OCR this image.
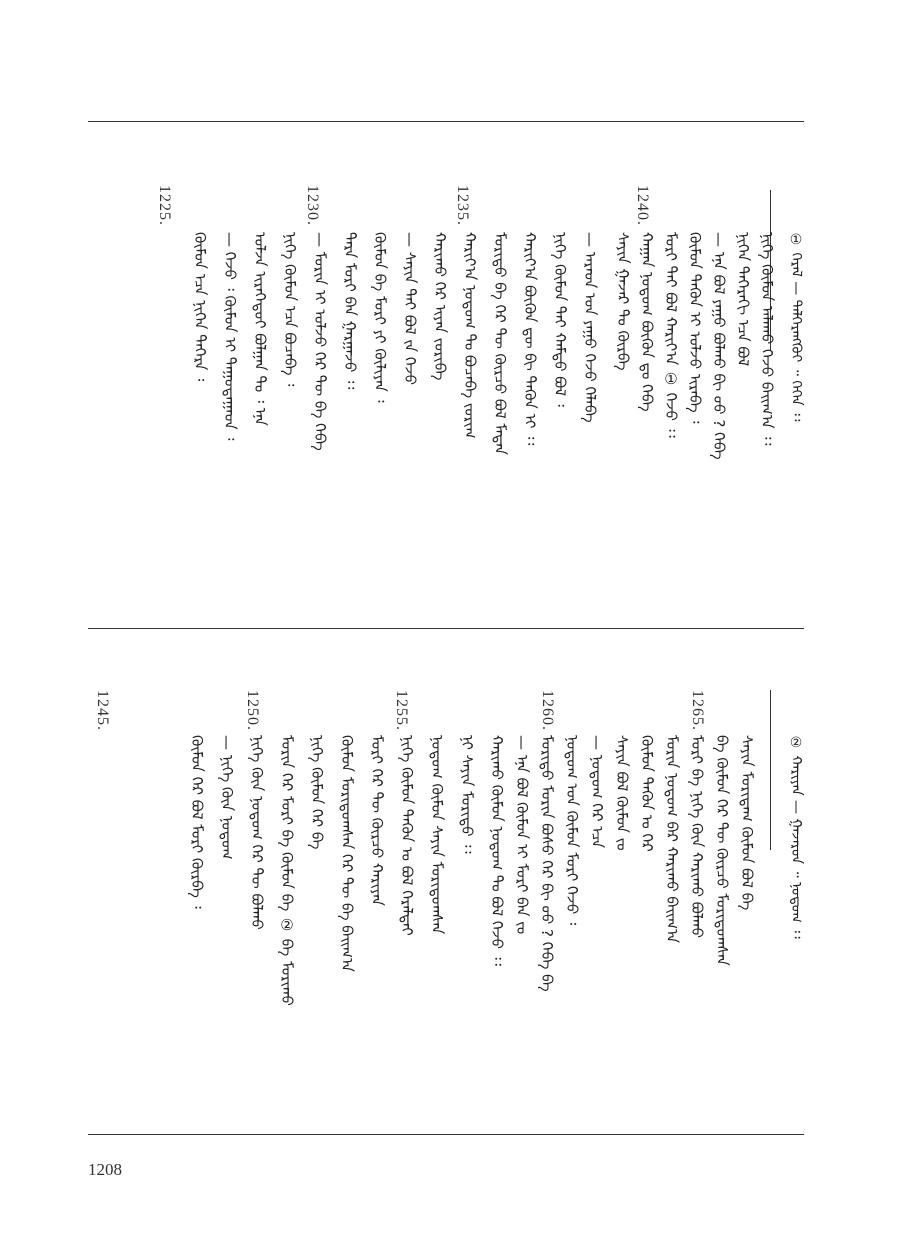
① ᠭᠡᠷᠡᠯ — ᠳᠡᠯᠭᠡᠷᠡᠩᠭᠦᠢ ᠃ ᠭᠡᠭᠡᠨ ᠄᠄
ᠨᠢᠭᠡ ᠬᠦᠮᠦᠨ ᠠᠯᠠᠬᠤ ᠭᠡᠵᠦ ᠪᠠᠢᠭ᠎ᠠ ᠄᠄
ᠨᠢᠭᠡᠨ ᠳᠡᠭᠡᠷᠡᠬᠢ ᠡᠴᠡ ᠪᠣᠯ
— ᠡᠨᠡ ᠪᠣᠯ ᠶᠠᠭᠤ ᠪᠣᠯᠬᠤ ᠪᠢ ᠤᠤ ? ᠭᠡᠪᠡ
ᠬᠦᠮᠦᠨ ᠲᠡᠭᠦᠨ ᠢ ᠣᠯᠵᠤ ᠢᠷᠡᠪᠡ ᠄
ᠮᠣᠷᠢ ᠲᠡᠢ ᠪᠣᠯ ᠬᠠᠷᠢᠶ᠎ᠠ ① ᠭᠡᠵᠦ ᠄᠄
ᠬᠠᠭᠠᠨ ᠨᠤᠲᠤᠭ ᠪᠦᠬᠦᠨ ᠳᠤ ᠭᠡᠪᠡ
ᠰᠠᠶᠢᠨ ᠭᠠᠵᠠᠷ ᠲᠤ ᠬᠦᠷᠪᠡ
1240.
1235.
1230.
1225.
— ᠠᠷᠠᠳ ᠤᠨ ᠶᠠᠭᠤ ᠭᠡᠵᠦ ᠬᠡᠯᠡᠪᠡ
ᠨᠢᠭᠡ ᠬᠦᠮᠦᠨ ᠲᠡᠢ ᠬᠠᠮᠲᠤ ᠪᠣᠯ ᠄
ᠬᠠᠷᠢᠶ᠎ᠠ ᠪᠦᠬᠦᠨ ᠳᠦ ᠪᠢ ᠲᠡᠭᠦᠨ ᠢ ᠄᠄
ᠮᠣᠷᠢᠳᠤ ᠪᠠ ᠭᠡᠷ ᠲᠦ ᠬᠦᠷᠴᠦ ᠪᠣᠯ ᠮᠡᠳᠡᠨ
ᠬᠠᠷᠢᠶ᠎ᠠ ᠨᠤᠲᠤᠭ ᠲᠤ ᠪᠤᠴᠠᠪᠠ ᠵᠣᠷᠢᠭ
ᠬᠠᠷᠢᠬᠤ ᠭᠡᠷ ᠢᠶᠡᠨ ᠵᠣᠷᠢᠪᠠ
— ᠰᠠᠶᠢᠨ ᠲᠡᠢ ᠪᠣᠯ ᠵᠠ ᠭᠡᠵᠦ
ᠬᠦᠮᠦᠨ ᠪᠡ ᠮᠣᠷᠢ ᠶᠢ ᠬᠦᠯᠢᠶᠡᠨ ᠄
ᠲᠡᠷᠡ ᠮᠣᠷᠢ ᠪᠠᠨ ᠭᠠᠷᠭᠠᠵᠤ ᠄᠄
— ᠮᠣᠷᠢᠨ ᠢ ᠣᠯᠵᠤ ᠭᠡᠷ ᠲᠦ ᠪᠡ ᠭᠡᠪᠡ
ᠨᠢᠭᠡ ᠬᠦᠮᠦᠨ ᠡᠴᠡ ᠪᠤᠴᠠᠪᠠ ᠄
ᠣᠯᠵᠠ ᠢᠷᠡᠭᠡᠳᠦᠢ ᠪᠣᠯᠭᠠᠨ ᠲᠤ ᠄ ᠡᠨᠡ
— ᠭᠡᠵᠦ ᠄ ᠬᠦᠮᠦᠨ ᠢ ᠳᠠᠭᠤᠳᠠᠭᠠᠳ ᠄
ᠬᠦᠮᠦᠨ ᠡᠴᠡ ᠨᠢᠭᠡᠨ ᠳᠡᠭᠡᠷᠡ ᠄
② ᠬᠠᠷᠢᠶᠠᠨ — ᠭᠠᠵᠠᠷᠤᠨ ᠃ ᠨᠤᠲᠤᠭ ᠄᠄
ᠰᠠᠶᠢᠨ ᠮᠣᠷᠢᠳᠠᠭ ᠬᠦᠮᠦᠨ ᠪᠣᠯ ᠪᠡ
ᠪᠠ ᠬᠦᠮᠦᠨ ᠭᠡᠷ ᠲᠦ ᠬᠦᠷᠴᠦ ᠮᠣᠷᠢᠳᠤᠭᠰᠠᠨ
ᠮᠣᠷᠢ ᠪᠡ ᠨᠢᠭᠡ ᠬᠦᠨ ᠬᠠᠷᠢᠬᠤ ᠪᠣᠯᠬᠤ
ᠮᠣᠷᠢᠨ ᠨᠤᠲᠤᠭ ᠪᠡᠷ ᠬᠠᠷᠢᠬᠤ ᠪᠠᠢᠭ᠎ᠠ
ᠬᠦᠮᠦᠨ ᠲᠡᠭᠦᠨ ᠤ ᠭᠡᠷ
ᠰᠠᠶᠢᠨ ᠪᠣᠯ ᠬᠦᠮᠦᠨ ᠵᠤ
— ᠨᠤᠲᠤᠭ ᠭᠡᠷ ᠡᠴᠡ
ᠨᠤᠲᠤᠭ ᠤᠨ ᠬᠦᠮᠦᠨ ᠮᠣᠷᠢ ᠭᠡᠵᠦ ᠄
ᠮᠣᠷᠢᠳᠤ ᠮᠣᠷᠢᠨ ᠪᠤᠰᠤ ᠭᠡᠷ ᠪᠢ ᠤᠤ ? ᠭᠡᠪᠡ ᠪᠡ
— ᠡᠨᠡ ᠪᠣᠯ ᠬᠦᠮᠦᠨ ᠢ ᠮᠣᠷᠢ ᠪᠡᠨ ᠵᠤ
ᠬᠠᠷᠢᠬᠤ ᠬᠦᠮᠦᠨ ᠨᠤᠲᠤᠭ ᠲᠤ ᠪᠣᠯ ᠭᠡᠵᠦ ᠄᠄
ᠨᠢ ᠰᠠᠶᠢᠨ ᠮᠣᠷᠢᠳᠤ ᠄᠄
ᠨᠤᠲᠤᠭ ᠬᠦᠮᠦᠨ ᠰᠠᠶᠢᠨ ᠮᠣᠷᠢᠳᠤᠭᠰᠠᠨ
ᠨᠢᠭᠡ ᠬᠦᠮᠦᠨ ᠲᠡᠭᠦᠨ ᠤ ᠪᠣᠯ ᠭᠡᠷᠡᠯᠲᠡᠢ
ᠮᠣᠷᠢ ᠭᠡᠷ ᠲᠦ ᠬᠦᠷᠴᠦ ᠬᠠᠷᠢᠶᠠᠨ
ᠬᠦᠮᠦᠨ ᠮᠣᠷᠢᠳᠤᠭᠰᠠᠨ ᠭᠡᠷ ᠲᠦ ᠪᠡ ᠪᠠᠢᠭ᠎ᠠ
ᠨᠢᠭᠡ ᠬᠦᠮᠦᠨ ᠭᠡᠷ ᠪᠡ
ᠮᠣᠷᠢᠨ ᠭᠡᠷ ᠮᠣᠷᠢ ᠪᠠ ᠬᠦᠮᠦᠨ ᠪᠡ ② ᠪᠡ ᠮᠣᠷᠢᠬᠤ
ᠨᠢᠭᠡ ᠬᠦᠨ ᠨᠤᠲᠤᠭ ᠭᠡᠷ ᠲᠦ ᠪᠣᠯᠬᠤ
— ᠨᠢᠭᠡ ᠬᠦᠨ ᠨᠤᠲᠤᠭ
ᠬᠦᠮᠦᠨ ᠭᠡᠷ ᠪᠣᠯ ᠮᠣᠷᠢ ᠬᠦᠷᠪᠡ ᠄
1265.
1260.
1255.
1250.
1245.
1208
